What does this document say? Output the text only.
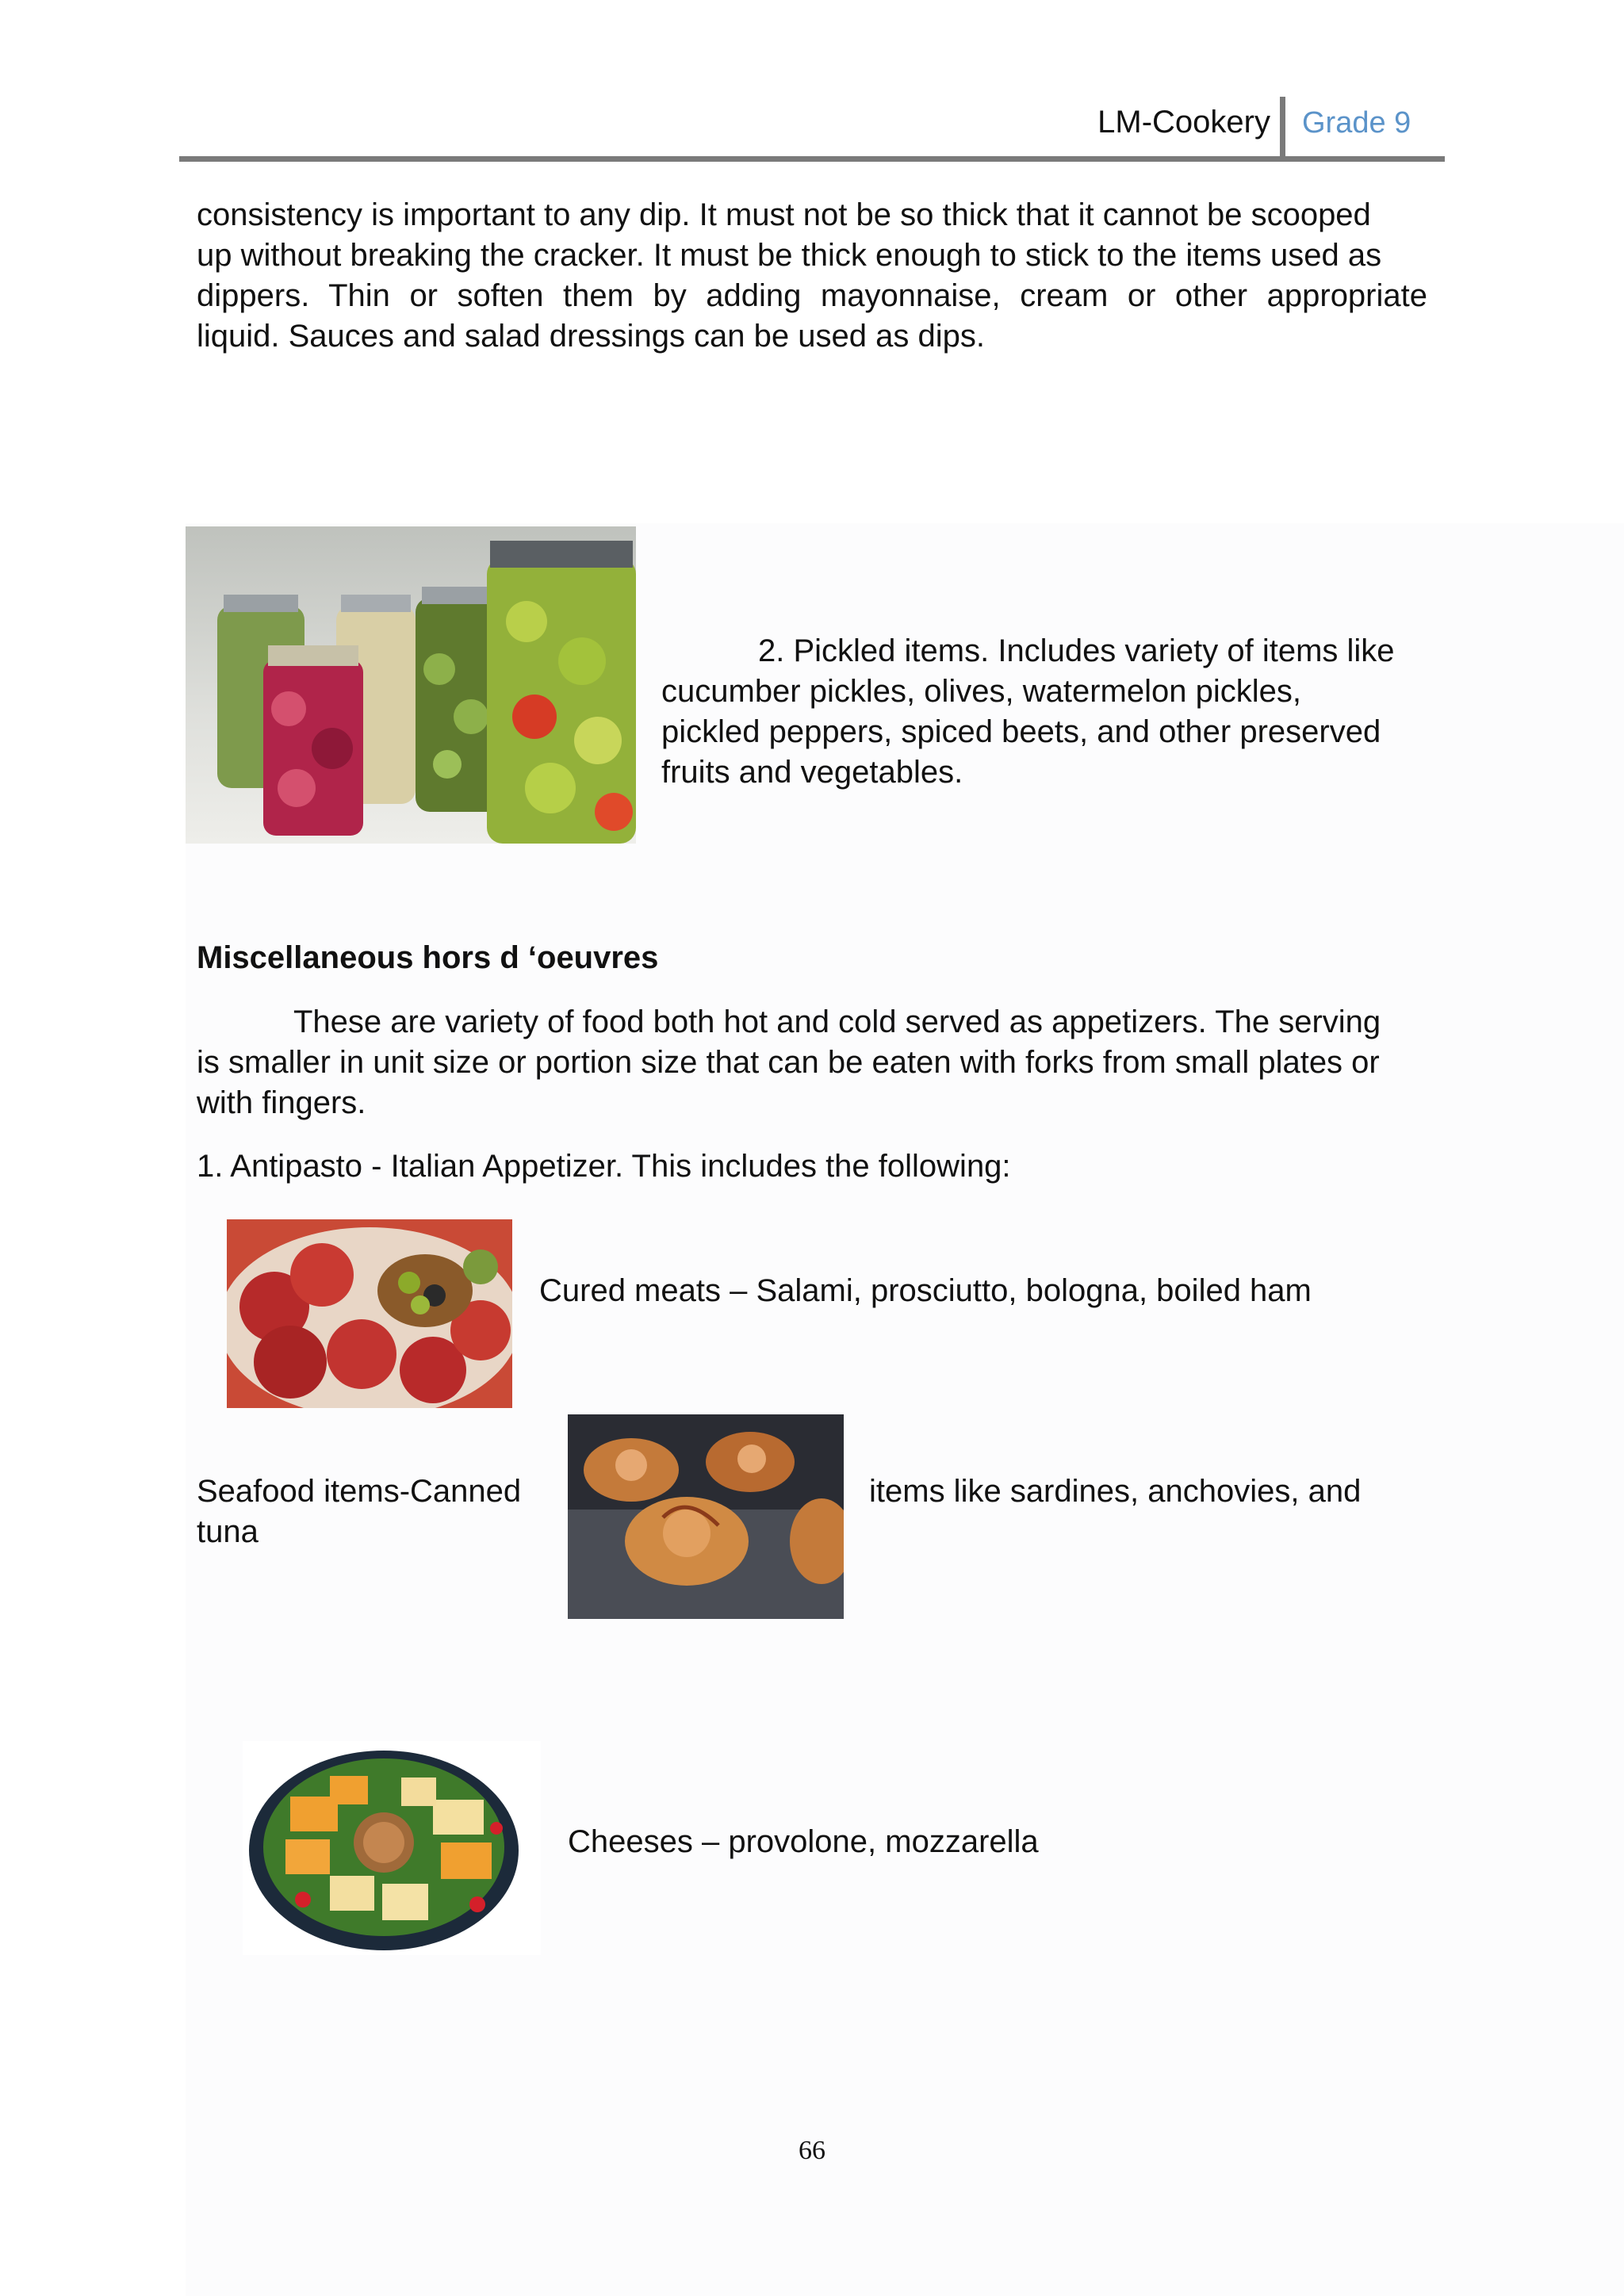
LM-Cookery Grade 9
consistency is important to any dip. It must not be so thick that it cannot be scooped
up without breaking the cracker. It must be thick enough to stick to the items used as
dippers. Thin or soften them by adding mayonnaise, cream or other appropriate
liquid. Sauces and salad dressings can be used as dips.
2. Pickled items. Includes variety of items like
cucumber pickles, olives, watermelon pickles,
pickled peppers, spiced beets, and other preserved
fruits and vegetables.
Miscellaneous hors d ‘oeuvres
These are variety of food both hot and cold served as appetizers. The serving
is smaller in unit size or portion size that can be eaten with forks from small plates or
with fingers.
1. Antipasto - Italian Appetizer. This includes the following:
Cured meats – Salami, prosciutto, bologna, boiled ham
Seafood items-Canned
tuna
items like sardines, anchovies, and
Cheeses – provolone, mozzarella
66
